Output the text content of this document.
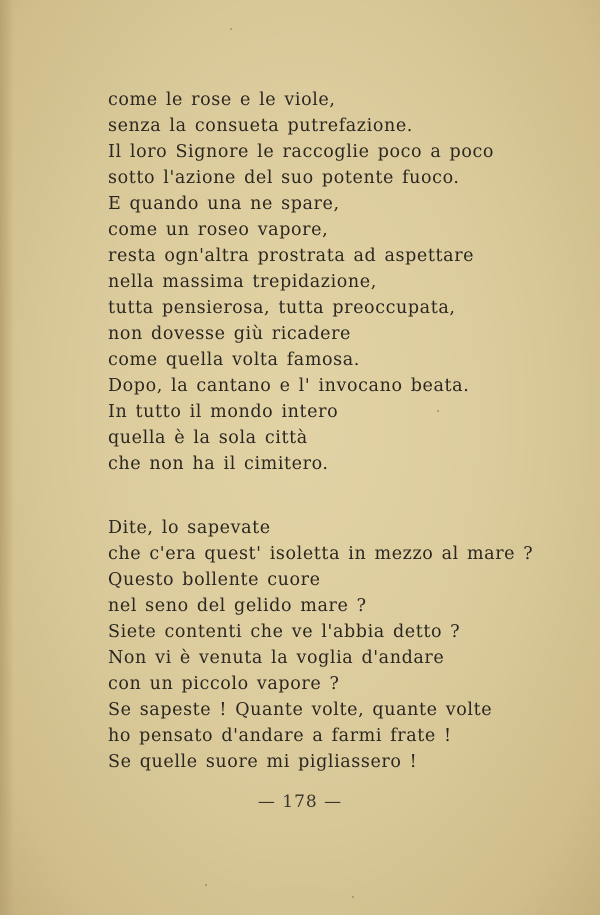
come le rose e le viole,
senza la consueta putrefazione.
Il loro Signore le raccoglie poco a poco
sotto l'azione del suo potente fuoco.
E quando una ne spare,
come un roseo vapore,
resta ogn'altra prostrata ad aspettare
nella massima trepidazione,
tutta pensierosa, tutta preoccupata,
non dovesse giù ricadere
come quella volta famosa.
Dopo, la cantano e l' invocano beata.
In tutto il mondo intero
quella è la sola città
che non ha il cimitero.
Dite, lo sapevate
che c'era quest' isoletta in mezzo al mare ?
Questo bollente cuore
nel seno del gelido mare ?
Siete contenti che ve l'abbia detto ?
Non vi è venuta la voglia d'andare
con un piccolo vapore ?
Se sapeste ! Quante volte, quante volte
ho pensato d'andare a farmi frate !
Se quelle suore mi pigliassero !
— 178 —
